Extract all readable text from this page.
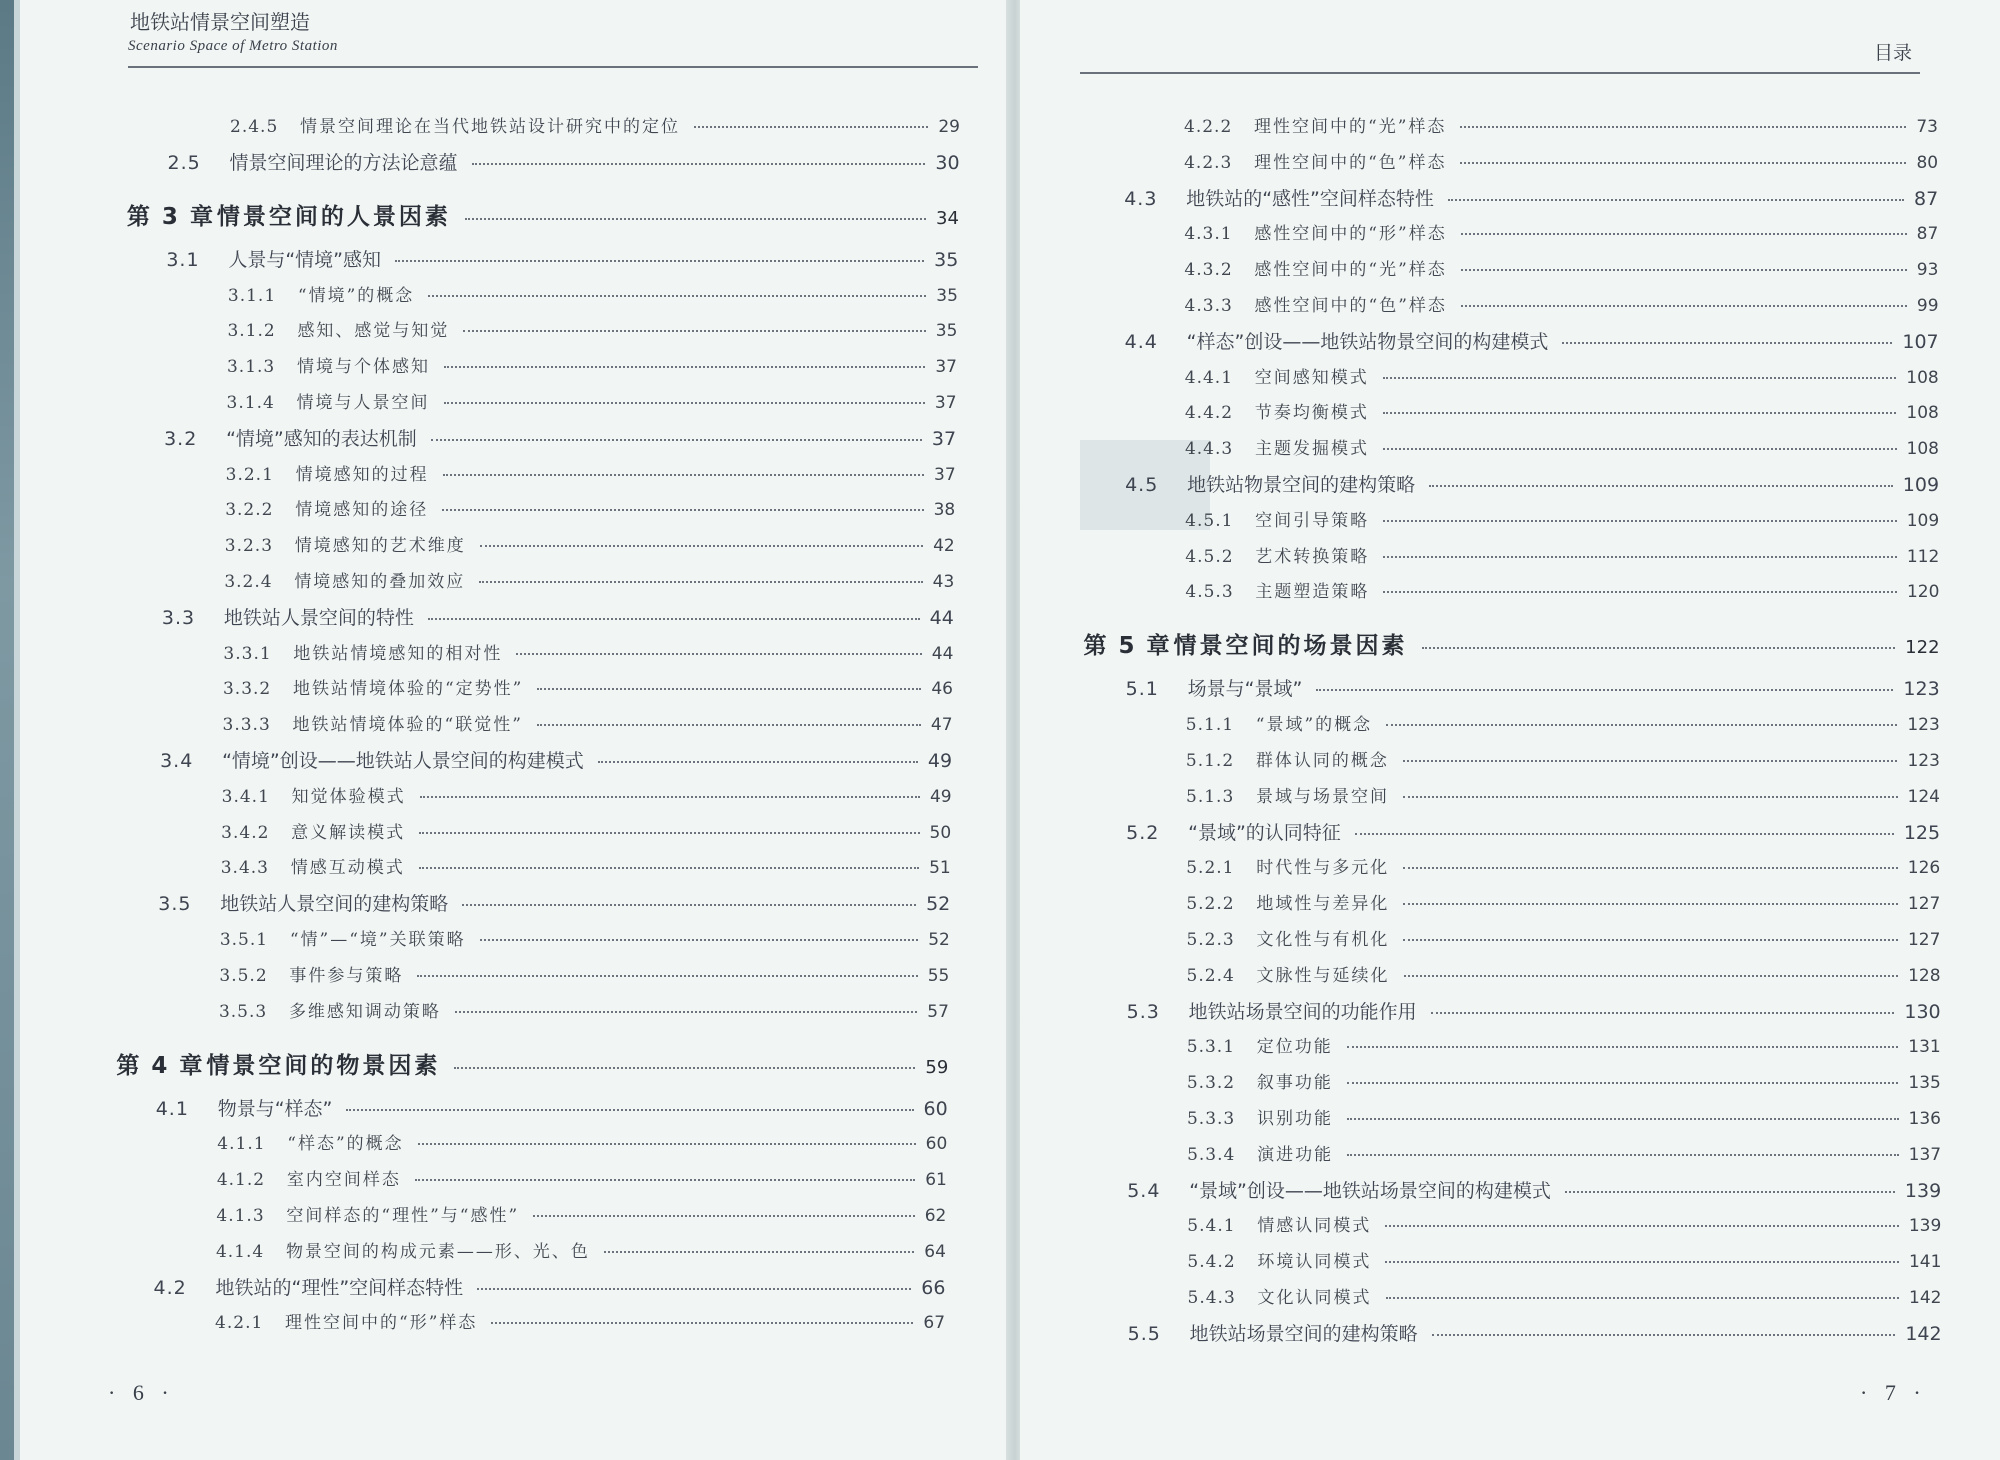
地铁站情景空间塑造
Scenario Space of Metro Station
2.4.5	情景空间理论在当代地铁站设计研究中的定位	29
2.5	情景空间理论的方法论意蕴	30
第 3 章 情景空间的人景因素	34
3.1	人景与“情境”感知	35
3.1.1	“情境”的概念	35
3.1.2	感知、感觉与知觉	35
3.1.3	情境与个体感知	37
3.1.4	情境与人景空间	37
3.2	“情境”感知的表达机制	37
3.2.1	情境感知的过程	37
3.2.2	情境感知的途径	38
3.2.3	情境感知的艺术维度	42
3.2.4	情境感知的叠加效应	43
3.3	地铁站人景空间的特性	44
3.3.1	地铁站情境感知的相对性	44
3.3.2	地铁站情境体验的“定势性”	46
3.3.3	地铁站情境体验的“联觉性”	47
3.4	“情境”创设——地铁站人景空间的构建模式	49
3.4.1	知觉体验模式	49
3.4.2	意义解读模式	50
3.4.3	情感互动模式	51
3.5	地铁站人景空间的建构策略	52
3.5.1	“情”—“境”关联策略	52
3.5.2	事件参与策略	55
3.5.3	多维感知调动策略	57
第 4 章 情景空间的物景因素	59
4.1	物景与“样态”	60
4.1.1	“样态”的概念	60
4.1.2	室内空间样态	61
4.1.3	空间样态的“理性”与“感性”	62
4.1.4	物景空间的构成元素——形、光、色	64
4.2	地铁站的“理性”空间样态特性	66
4.2.1	理性空间中的“形”样态	67
· 6 ·
目录
4.2.2	理性空间中的“光”样态	73
4.2.3	理性空间中的“色”样态	80
4.3	地铁站的“感性”空间样态特性	87
4.3.1	感性空间中的“形”样态	87
4.3.2	感性空间中的“光”样态	93
4.3.3	感性空间中的“色”样态	99
4.4	“样态”创设——地铁站物景空间的构建模式	107
4.4.1	空间感知模式	108
4.4.2	节奏均衡模式	108
4.4.3	主题发掘模式	108
4.5	地铁站物景空间的建构策略	109
4.5.1	空间引导策略	109
4.5.2	艺术转换策略	112
4.5.3	主题塑造策略	120
第 5 章 情景空间的场景因素	122
5.1	场景与“景域”	123
5.1.1	“景域”的概念	123
5.1.2	群体认同的概念	123
5.1.3	景域与场景空间	124
5.2	“景域”的认同特征	125
5.2.1	时代性与多元化	126
5.2.2	地域性与差异化	127
5.2.3	文化性与有机化	127
5.2.4	文脉性与延续化	128
5.3	地铁站场景空间的功能作用	130
5.3.1	定位功能	131
5.3.2	叙事功能	135
5.3.3	识别功能	136
5.3.4	演进功能	137
5.4	“景域”创设——地铁站场景空间的构建模式	139
5.4.1	情感认同模式	139
5.4.2	环境认同模式	141
5.4.3	文化认同模式	142
5.5	地铁站场景空间的建构策略	142
· 7 ·
